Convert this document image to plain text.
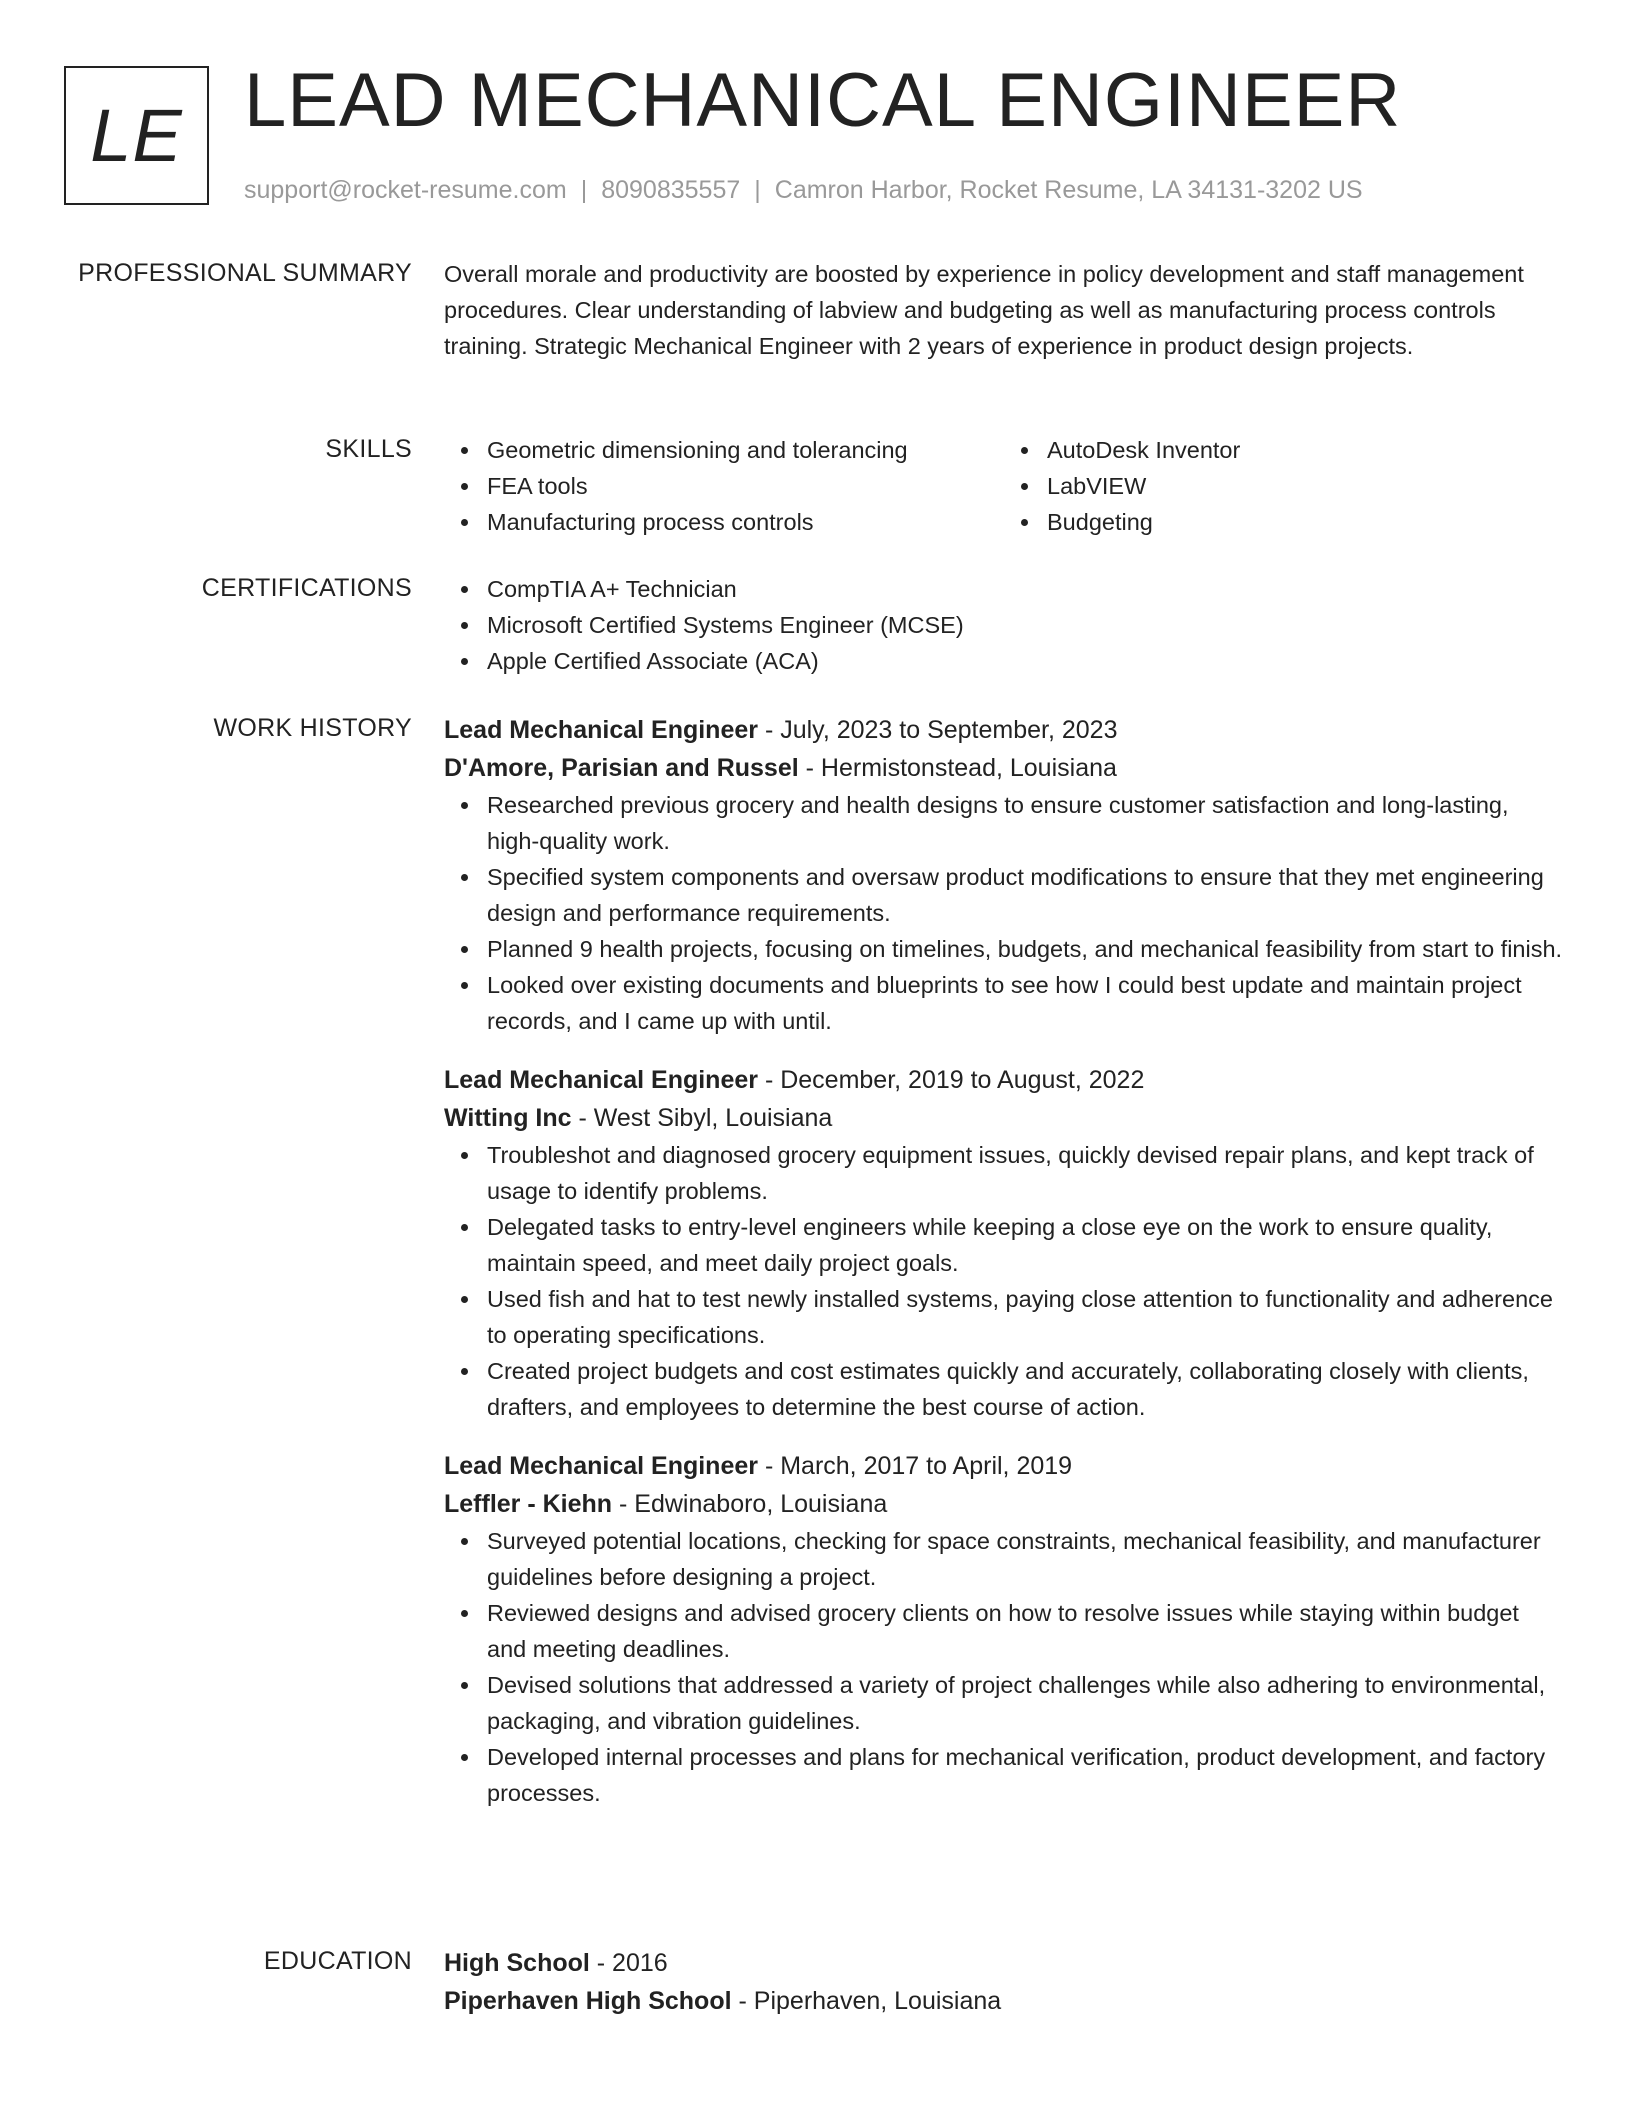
LE LEAD MECHANICAL ENGINEER
support@rocket-resume.com | 8090835557 | Camron Harbor, Rocket Resume, LA 34131-3202 US
PROFESSIONAL SUMMARY Overall morale and productivity are boosted by experience in policy development and staff management procedures. Clear understanding of labview and budgeting as well as manufacturing process controls training. Strategic Mechanical Engineer with 2 years of experience in product design projects.

SKILLS	Geometric dimensioning and tolerancing
FEA tools
Manufacturing process controls
AutoDesk Inventor
LabVIEW
Budgeting
CERTIFICATIONS	CompTIA A+ Technician
Microsoft Certified Systems Engineer (MCSE)
Apple Certified Associate (ACA)
WORK HISTORY Lead Mechanical Engineer - July, 2023 to September, 2023
D'Amore, Parisian and Russel - Hermistonstead, Louisiana
Researched previous grocery and health designs to ensure customer satisfaction and long-lasting, high-quality work.
Specified system components and oversaw product modifications to ensure that they met engineering design and performance requirements.
Planned 9 health projects, focusing on timelines, budgets, and mechanical feasibility from start to finish.
Looked over existing documents and blueprints to see how I could best update and maintain project records, and I came up with until.
Lead Mechanical Engineer - December, 2019 to August, 2022
Witting Inc - West Sibyl, Louisiana
Troubleshot and diagnosed grocery equipment issues, quickly devised repair plans, and kept track of usage to identify problems.
Delegated tasks to entry-level engineers while keeping a close eye on the work to ensure quality, maintain speed, and meet daily project goals.
Used fish and hat to test newly installed systems, paying close attention to functionality and adherence to operating specifications.
Created project budgets and cost estimates quickly and accurately, collaborating closely with clients, drafters, and employees to determine the best course of action.
Lead Mechanical Engineer - March, 2017 to April, 2019
Leffler - Kiehn - Edwinaboro, Louisiana
Surveyed potential locations, checking for space constraints, mechanical feasibility, and manufacturer guidelines before designing a project.
Reviewed designs and advised grocery clients on how to resolve issues while staying within budget and meeting deadlines.
Devised solutions that addressed a variety of project challenges while also adhering to environmental, packaging, and vibration guidelines.
Developed internal processes and plans for mechanical verification, product development, and factory processes.
EDUCATION High School - 2016
Piperhaven High School - Piperhaven, Louisiana
